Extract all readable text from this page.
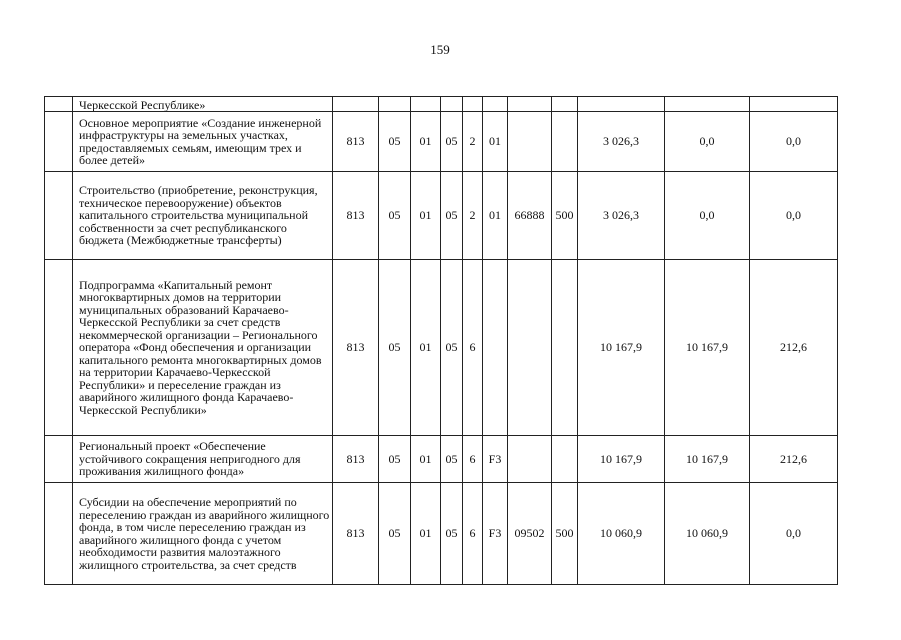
159
	Черкесской Республике»											
	Основное мероприятие «Создание инженерной инфраструктуры на земельных участках, предоставляемых семьям, имеющим трех и более детей»	813	05	01	05	2	01			3 026,3	0,0	0,0
	Строительство (приобретение, реконструкция, техническое перевооружение) объектов капитального строительства муниципальной собственности за счет республиканского бюджета (Межбюджетные трансферты)	813	05	01	05	2	01	66888	500	3 026,3	0,0	0,0
	Подпрограмма «Капитальный ремонт многоквартирных домов на территории муниципальных образований Карачаево-Черкесской Республики за счет средств некоммерческой организации – Регионального оператора «Фонд обеспечения и организации капитального ремонта многоквартирных домов на территории Карачаево-Черкесской Республики» и переселение граждан из аварийного жилищного фонда Карачаево-Черкесской Республики»	813	05	01	05	6				10 167,9	10 167,9	212,6
	Региональный проект «Обеспечение устойчивого сокращения непригодного для проживания жилищного фонда»	813	05	01	05	6	F3			10 167,9	10 167,9	212,6
	Субсидии на обеспечение мероприятий по переселению граждан из аварийного жилищного фонда, в том числе переселению граждан из аварийного жилищного фонда с учетом необходимости развития малоэтажного жилищного строительства, за счет средств	813	05	01	05	6	F3	09502	500	10 060,9	10 060,9	0,0
